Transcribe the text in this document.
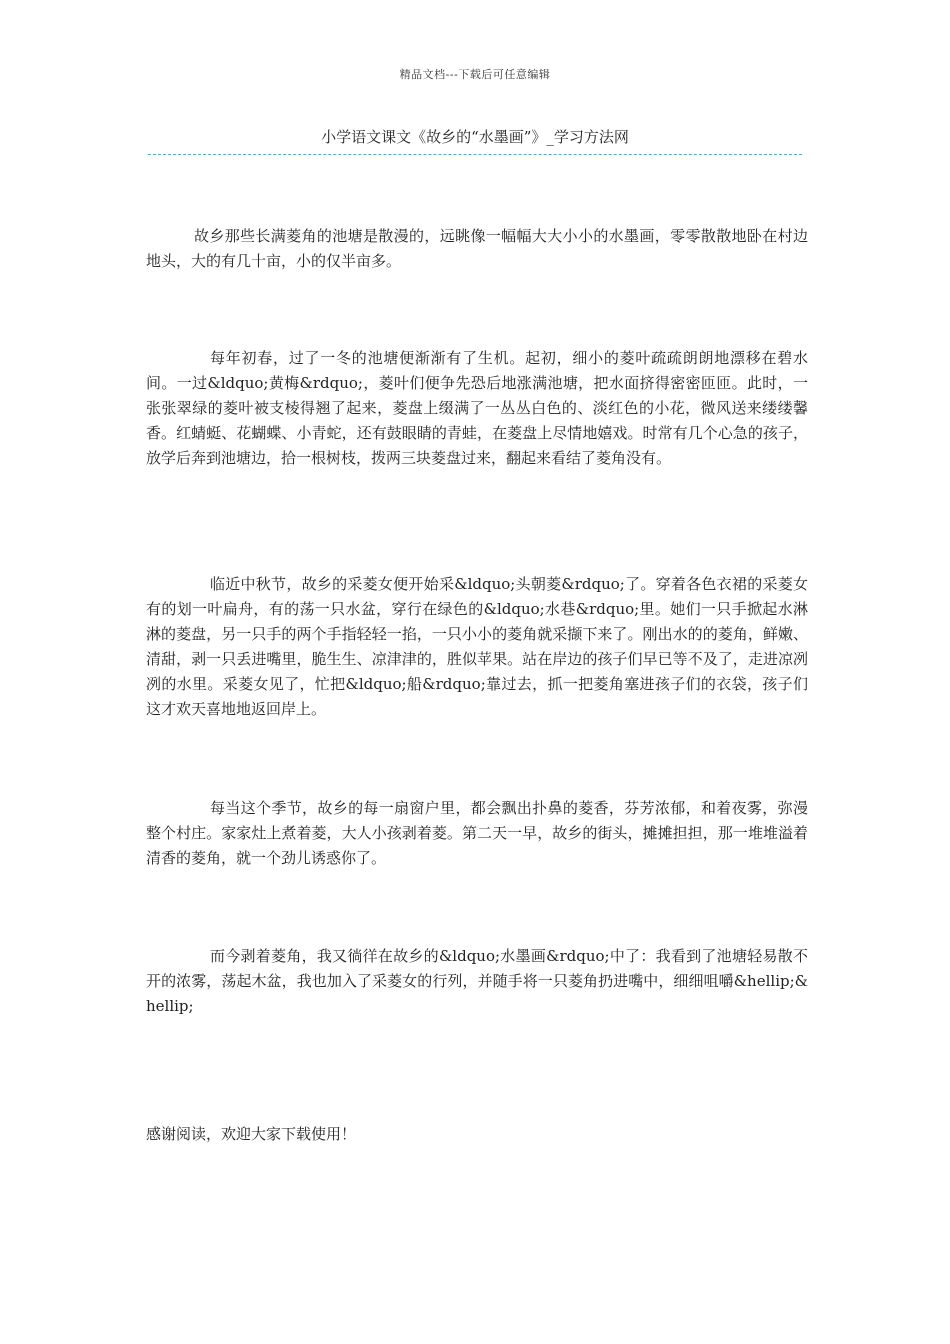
精品文档---下载后可任意编辑
小学语文课文《故乡的“水墨画”》_学习方法网

故乡那些长满菱角的池塘是散漫的，远眺像一幅幅大大小小的水墨画，零零散散地卧在村边地头，大的有几十亩，小的仅半亩多。

每年初春，过了一冬的池塘便渐渐有了生机。起初，细小的菱叶疏疏朗朗地漂移在碧水间。一过&ldquo;黄梅&rdquo;，菱叶们便争先恐后地涨满池塘，把水面挤得密密匝匝。此时，一张张翠绿的菱叶被支棱得翘了起来，菱盘上缀满了一丛丛白色的、淡红色的小花，微风送来缕缕馨香。红蜻蜓、花蝴蝶、小青蛇，还有鼓眼睛的青蛙，在菱盘上尽情地嬉戏。时常有几个心急的孩子，放学后奔到池塘边，拾一根树枝，拨两三块菱盘过来，翻起来看结了菱角没有。

临近中秋节，故乡的采菱女便开始采&ldquo;头朝菱&rdquo;了。穿着各色衣裙的采菱女有的划一叶扁舟，有的荡一只水盆，穿行在绿色的&ldquo;水巷&rdquo;里。她们一只手掀起水淋淋的菱盘，另一只手的两个手指轻轻一掐，一只小小的菱角就采撷下来了。刚出水的的菱角，鲜嫩、清甜，剥一只丢进嘴里，脆生生、凉津津的，胜似苹果。站在岸边的孩子们早已等不及了，走进凉冽冽的水里。采菱女见了，忙把&ldquo;船&rdquo;靠过去，抓一把菱角塞进孩子们的衣袋，孩子们这才欢天喜地地返回岸上。

每当这个季节，故乡的每一扇窗户里，都会飘出扑鼻的菱香，芬芳浓郁，和着夜雾，弥漫整个村庄。家家灶上煮着菱，大人小孩剥着菱。第二天一早，故乡的街头，摊摊担担，那一堆堆溢着清香的菱角，就一个劲儿诱惑你了。

而今剥着菱角，我又徜徉在故乡的&ldquo;水墨画&rdquo;中了：我看到了池塘轻易散不开的浓雾，荡起木盆，我也加入了采菱女的行列，并随手将一只菱角扔进嘴中，细细咀嚼&hellip;&hellip;

感谢阅读，欢迎大家下载使用！
